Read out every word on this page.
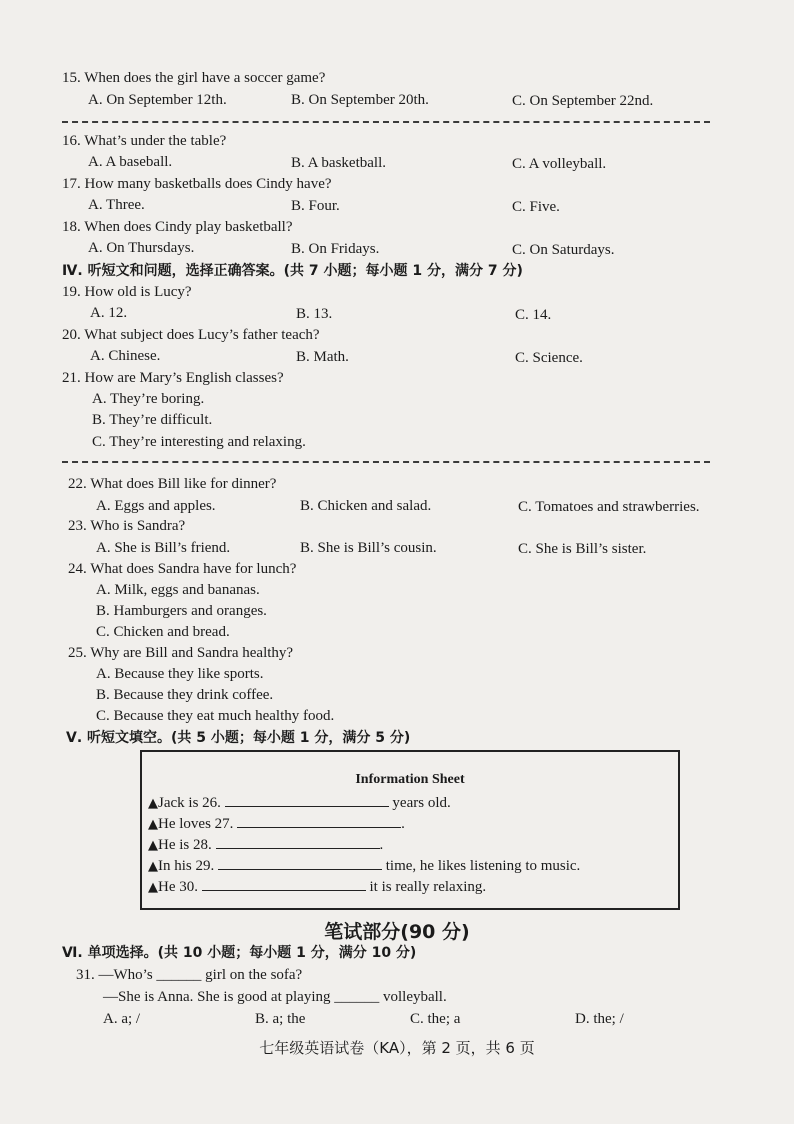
15. When does the girl have a soccer game?
A. On September 12th.	B. On September 20th.	C. On September 22nd.
16. What’s under the table?
A. A baseball.	B. A basketball.	C. A volleyball.
17. How many basketballs does Cindy have?
A. Three.	B. Four.	C. Five.
18. When does Cindy play basketball?
A. On Thursdays.	B. On Fridays.	C. On Saturdays.
Ⅳ. 听短文和问题，选择正确答案。(共 7 小题；每小题 1 分，满分 7 分)
19. How old is Lucy?
A. 12.	B. 13.	C. 14.
20. What subject does Lucy’s father teach?
A. Chinese.	B. Math.	C. Science.
21. How are Mary’s English classes?
A. They’re boring.
B. They’re difficult.
C. They’re interesting and relaxing.
22. What does Bill like for dinner?
A. Eggs and apples.	B. Chicken and salad.	C. Tomatoes and strawberries.
23. Who is Sandra?
A. She is Bill’s friend.	B. She is Bill’s cousin.	C. She is Bill’s sister.
24. What does Sandra have for lunch?
A. Milk, eggs and bananas.
B. Hamburgers and oranges.
C. Chicken and bread.
25. Why are Bill and Sandra healthy?
A. Because they like sports.
B. Because they drink coffee.
C. Because they eat much healthy food.
Ⅴ. 听短文填空。(共 5 小题；每小题 1 分，满分 5 分)
Information Sheet
▲Jack is 26.	years old.
▲He loves 27.	.
▲He is 28.	.
▲In his 29.	time, he likes listening to music.
▲He 30.	it is really relaxing.
笔试部分(90 分)
Ⅵ. 单项选择。(共 10 小题；每小题 1 分，满分 10 分)
31. —Who’s ______ girl on the sofa?
—She is Anna. She is good at playing ______ volleyball.
A. a; /	B. a; the	C. the; a	D. the; /
七年级英语试卷（KA），第 2 页，共 6 页
